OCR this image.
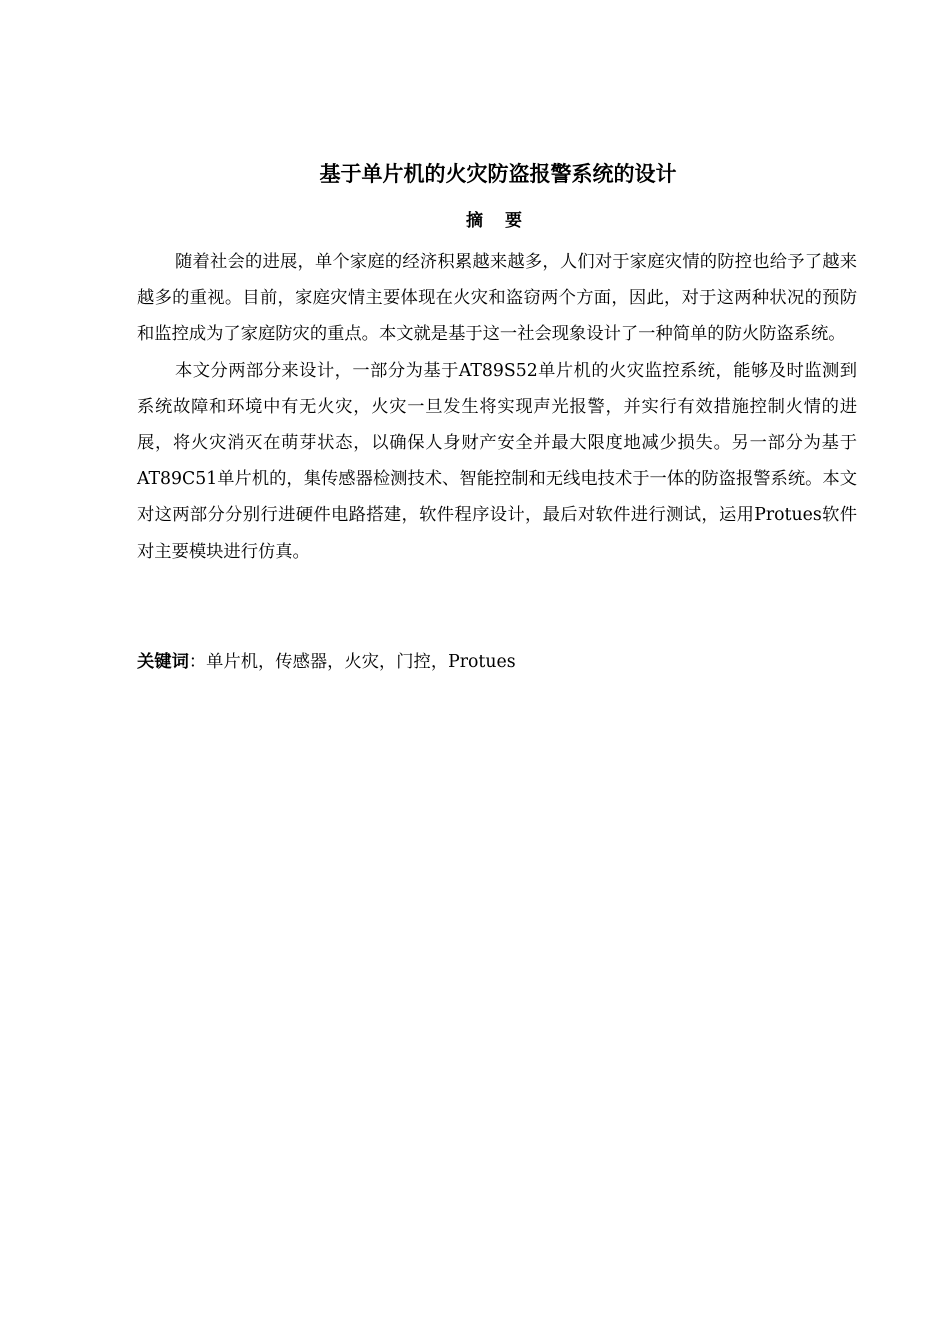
基于单片机的火灾防盗报警系统的设计
摘 要

随着社会的进展，单个家庭的经济积累越来越多，人们对于家庭灾情的防控也给予了越来越多的重视。目前，家庭灾情主要体现在火灾和盗窃两个方面，因此，对于这两种状况的预防和监控成为了家庭防灾的重点。本文就是基于这一社会现象设计了一种简单的防火防盗系统。

本文分两部分来设计，一部分为基于AT89S52单片机的火灾监控系统，能够及时监测到系统故障和环境中有无火灾，火灾一旦发生将实现声光报警，并实行有效措施控制火情的进展，将火灾消灭在萌芽状态，以确保人身财产安全并最大限度地减少损失。另一部分为基于AT89C51单片机的，集传感器检测技术、智能控制和无线电技术于一体的防盗报警系统。本文对这两部分分别行进硬件电路搭建，软件程序设计，最后对软件进行测试，运用Protues软件对主要模块进行仿真。

关键词：单片机，传感器，火灾，门控，Protues
